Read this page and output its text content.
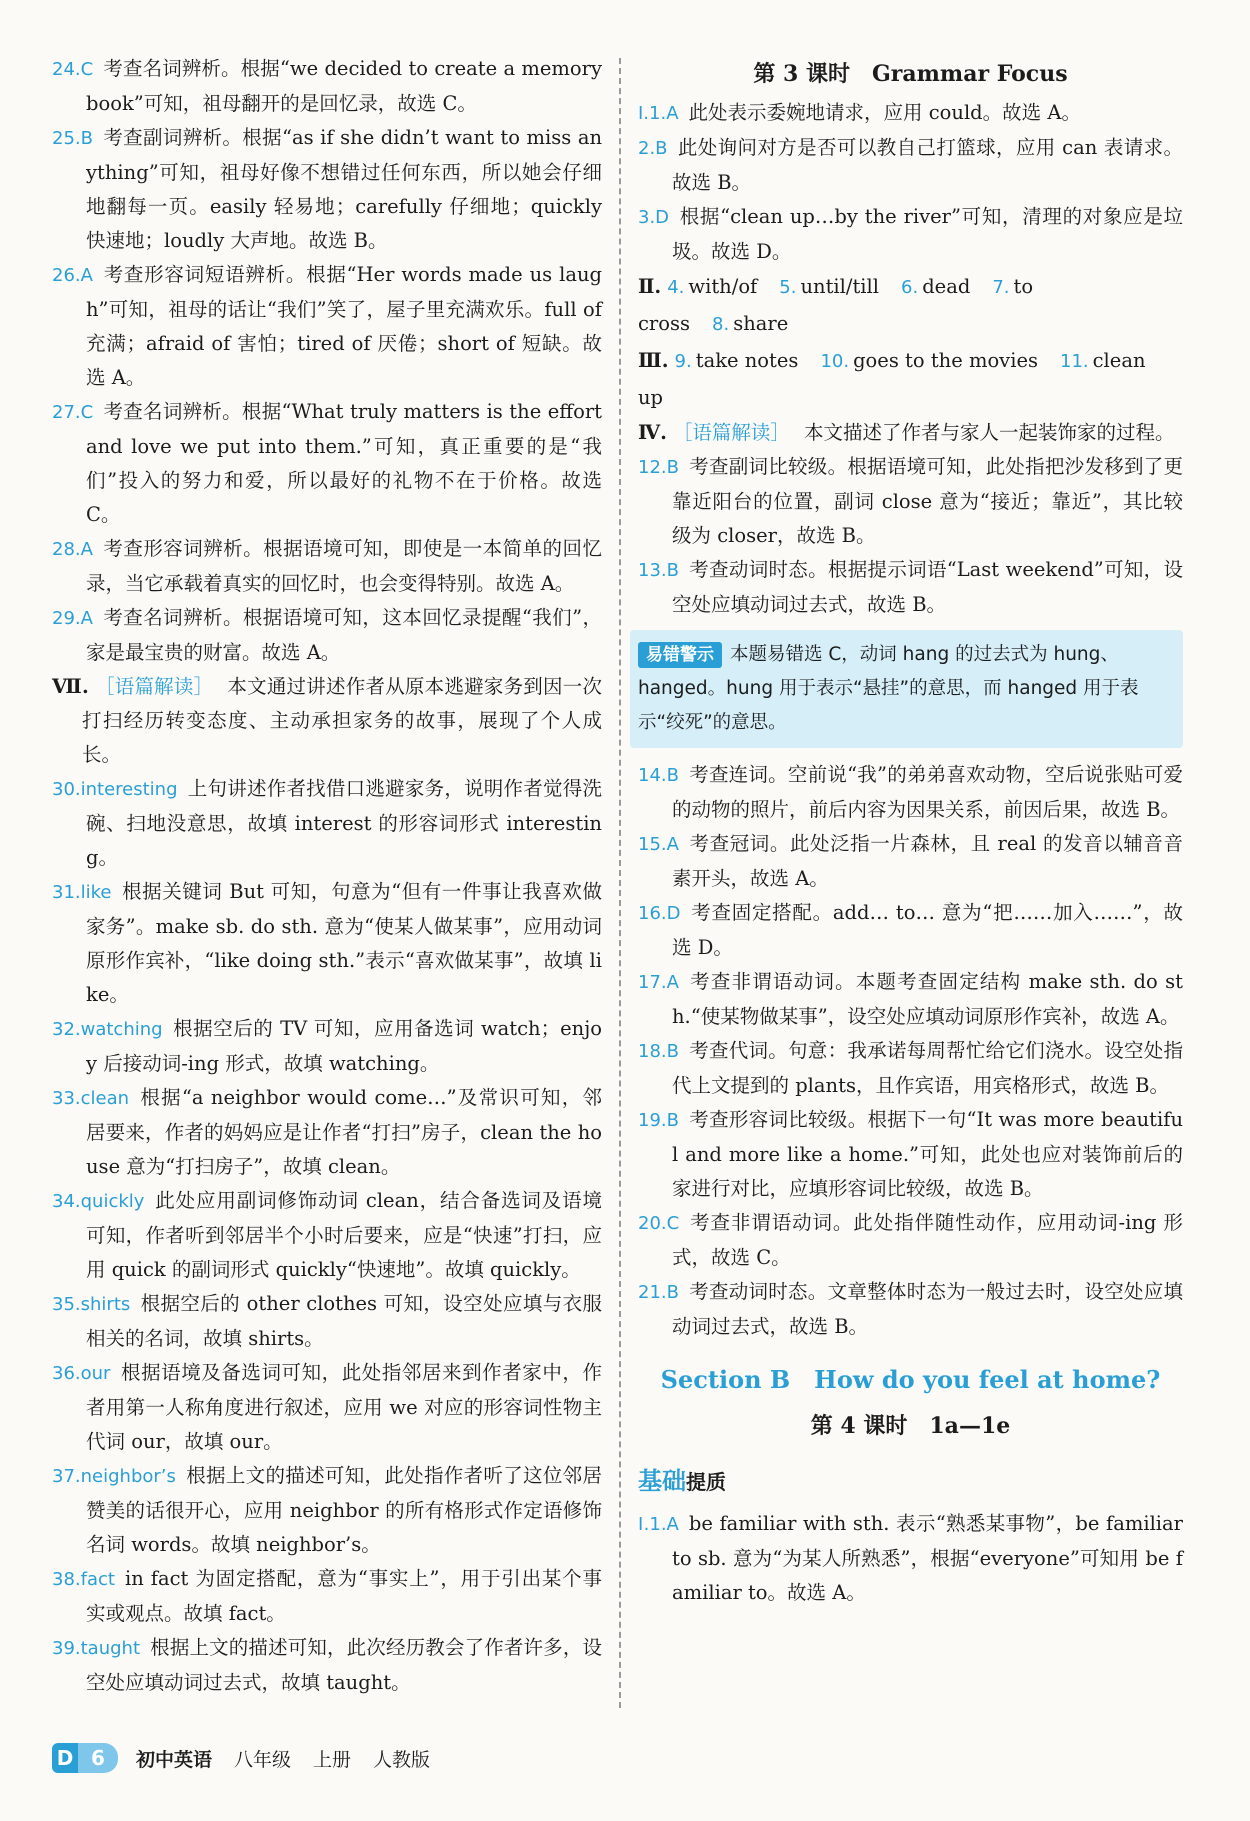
24.C 考查名词辨析。根据“we decided to create a memory book”可知，祖母翻开的是回忆录，故选 C。
25.B 考查副词辨析。根据“as if she didn’t want to miss anything”可知，祖母好像不想错过任何东西，所以她会仔细地翻每一页。easily 轻易地；carefully 仔细地；quickly 快速地；loudly 大声地。故选 B。
26.A 考查形容词短语辨析。根据“Her words made us laugh”可知，祖母的话让“我们”笑了，屋子里充满欢乐。full of 充满；afraid of 害怕；tired of 厌倦；short of 短缺。故选 A。
27.C 考查名词辨析。根据“What truly matters is the effort and love we put into them.”可知，真正重要的是“我们”投入的努力和爱，所以最好的礼物不在于价格。故选 C。
28.A 考查形容词辨析。根据语境可知，即使是一本简单的回忆录，当它承载着真实的回忆时，也会变得特别。故选 A。
29.A 考查名词辨析。根据语境可知，这本回忆录提醒“我们”，家是最宝贵的财富。故选 A。
Ⅶ. ［语篇解读］ 本文通过讲述作者从原本逃避家务到因一次打扫经历转变态度、主动承担家务的故事，展现了个人成长。
30.interesting 上句讲述作者找借口逃避家务，说明作者觉得洗碗、扫地没意思，故填 interest 的形容词形式 interesting。
31.like 根据关键词 But 可知，句意为“但有一件事让我喜欢做家务”。make sb. do sth. 意为“使某人做某事”，应用动词原形作宾补，“like doing sth.”表示“喜欢做某事”，故填 like。
32.watching 根据空后的 TV 可知，应用备选词 watch；enjoy 后接动词-ing 形式，故填 watching。
33.clean 根据“a neighbor would come…”及常识可知，邻居要来，作者的妈妈应是让作者“打扫”房子，clean the house 意为“打扫房子”，故填 clean。
34.quickly 此处应用副词修饰动词 clean，结合备选词及语境可知，作者听到邻居半个小时后要来，应是“快速”打扫，应用 quick 的副词形式 quickly“快速地”。故填 quickly。
35.shirts 根据空后的 other clothes 可知，设空处应填与衣服相关的名词，故填 shirts。
36.our 根据语境及备选词可知，此处指邻居来到作者家中，作者用第一人称角度进行叙述，应用 we 对应的形容词性物主代词 our，故填 our。
37.neighbor’s 根据上文的描述可知，此处指作者听了这位邻居赞美的话很开心，应用 neighbor 的所有格形式作定语修饰名词 words。故填 neighbor’s。
38.fact in fact 为固定搭配，意为“事实上”，用于引出某个事实或观点。故填 fact。
39.taught 根据上文的描述可知，此次经历教会了作者许多，设空处应填动词过去式，故填 taught。
第 3 课时　Grammar Focus
Ⅰ.1.A 此处表示委婉地请求，应用 could。故选 A。
2.B 此处询问对方是否可以教自己打篮球，应用 can 表请求。故选 B。
3.D 根据“clean up…by the river”可知，清理的对象应是垃圾。故选 D。
Ⅱ. 4. with/of 5. until/till 6. dead 7. to cross 8. share
Ⅲ. 9. take notes 10. goes to the movies 11. clean up
Ⅳ. ［语篇解读］ 本文描述了作者与家人一起装饰家的过程。
12.B 考查副词比较级。根据语境可知，此处指把沙发移到了更靠近阳台的位置，副词 close 意为“接近；靠近”，其比较级为 closer，故选 B。
13.B 考查动词时态。根据提示词语“Last weekend”可知，设空处应填动词过去式，故选 B。
易错警示 本题易错选 C，动词 hang 的过去式为 hung、hanged。hung 用于表示“悬挂”的意思，而 hanged 用于表示“绞死”的意思。
14.B 考查连词。空前说“我”的弟弟喜欢动物，空后说张贴可爱的动物的照片，前后内容为因果关系，前因后果，故选 B。
15.A 考查冠词。此处泛指一片森林，且 real 的发音以辅音音素开头，故选 A。
16.D 考查固定搭配。add… to… 意为“把……加入……”，故选 D。
17.A 考查非谓语动词。本题考查固定结构 make sth. do sth.“使某物做某事”，设空处应填动词原形作宾补，故选 A。
18.B 考查代词。句意：我承诺每周帮忙给它们浇水。设空处指代上文提到的 plants，且作宾语，用宾格形式，故选 B。
19.B 考查形容词比较级。根据下一句“It was more beautiful and more like a home.”可知，此处也应对装饰前后的家进行对比，应填形容词比较级，故选 B。
20.C 考查非谓语动词。此处指伴随性动作，应用动词-ing 形式，故选 C。
21.B 考查动词时态。文章整体时态为一般过去时，设空处应填动词过去式，故选 B。
Section B　How do you feel at home?
第 4 课时　1a—1e
基础提质
Ⅰ.1.A be familiar with sth. 表示“熟悉某事物”，be familiar to sb. 意为“为某人所熟悉”，根据“everyone”可知用 be familiar to。故选 A。
D 6	初中英语 八年级 上册 人教版
